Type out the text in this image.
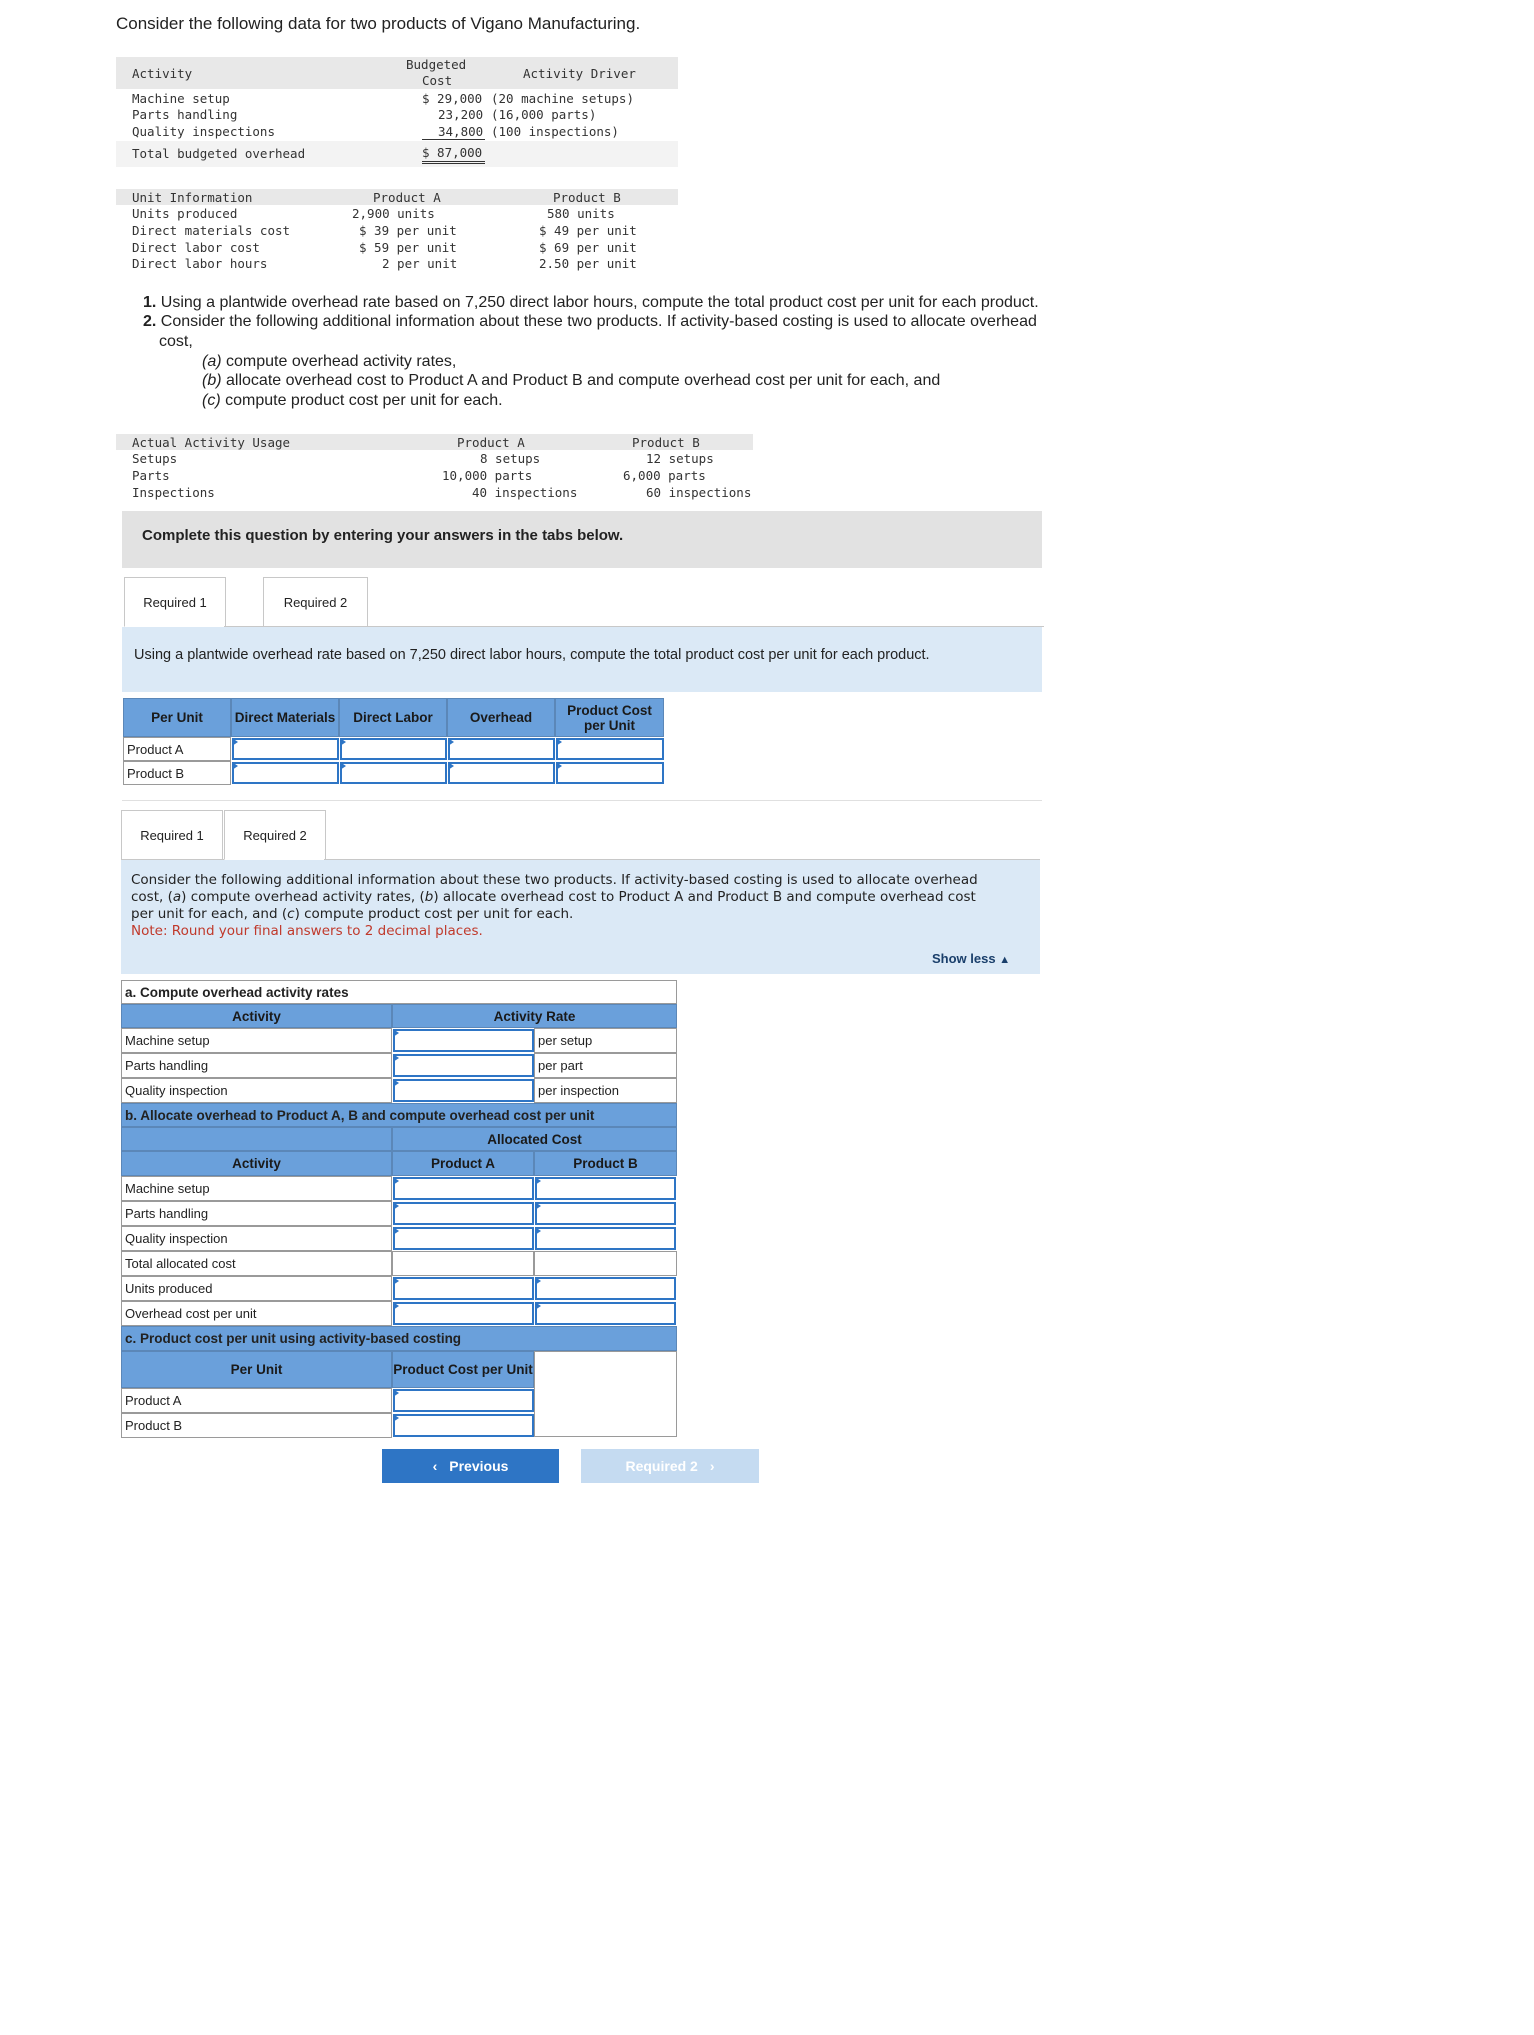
Consider the following data for two products of Vigano Manufacturing.
Activity
Budgeted
Cost	Activity Driver
Machine setup	$ 29,000 (20 machine setups)
Parts handling	23,200 (16,000 parts)
Quality inspections	34,800 (100 inspections)
Total budgeted overhead	$ 87,000
Unit Information	Product A	Product B
Units produced	2,900 units	580 units
Direct materials cost	$ 39 per unit	$ 49 per unit
Direct labor cost	$ 59 per unit	$ 69 per unit
Direct labor hours	2 per unit	2.50 per unit
1. Using a plantwide overhead rate based on 7,250 direct labor hours, compute the total product cost per unit for each product.
2. Consider the following additional information about these two products. If activity-based costing is used to allocate overhead
cost,
(a) compute overhead activity rates,
(b) allocate overhead cost to Product A and Product B and compute overhead cost per unit for each, and
(c) compute product cost per unit for each.
Actual Activity Usage	Product A	Product B
Setups	8 setups	12 setups
Parts	10,000 parts	6,000 parts
Inspections	40 inspections	60 inspections
Complete this question by entering your answers in the tabs below.
Required 1	Required 2
Using a plantwide overhead rate based on 7,250 direct labor hours, compute the total product cost per unit for each product.
Per Unit	Direct Materials	Direct Labor	Overhead	Product Cost per Unit
Product A
Product B
Required 1	Required 2
Consider the following additional information about these two products. If activity-based costing is used to allocate overhead
cost, (a) compute overhead activity rates, (b) allocate overhead cost to Product A and Product B and compute overhead cost
per unit for each, and (c) compute product cost per unit for each.
Note: Round your final answers to 2 decimal places.
Show less ▲
a. Compute overhead activity rates
Activity	Activity Rate
Machine setup	per setup
Parts handling	per part
Quality inspection	per inspection
b. Allocate overhead to Product A, B and compute overhead cost per unit
Allocated Cost
Activity	Product A	Product B
Machine setup
Parts handling
Quality inspection
Total allocated cost
Units produced
Overhead cost per unit
c. Product cost per unit using activity-based costing
Per Unit	Product Cost per Unit
Product A
Product B
‹ Previous	Required 2 ›
